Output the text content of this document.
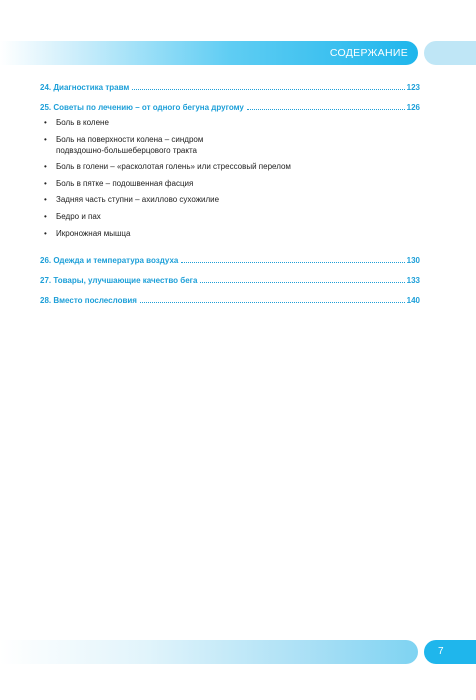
СОДЕРЖАНИЕ
24. Диагностика травм	123
25. Советы по лечению – от одного бегуна другому	126
• Боль в колене
• Боль на поверхности колена – синдром
подвздошно-большеберцового тракта
• Боль в голени – «расколотая голень» или стрессовый перелом
• Боль в пятке – подошвенная фасция
• Задняя часть ступни – ахиллово сухожилие
• Бедро и пах
• Икроножная мышца
26. Одежда и температура воздуха	130
27. Товары, улучшающие качество бега	133
28. Вместо послесловия	140
7
